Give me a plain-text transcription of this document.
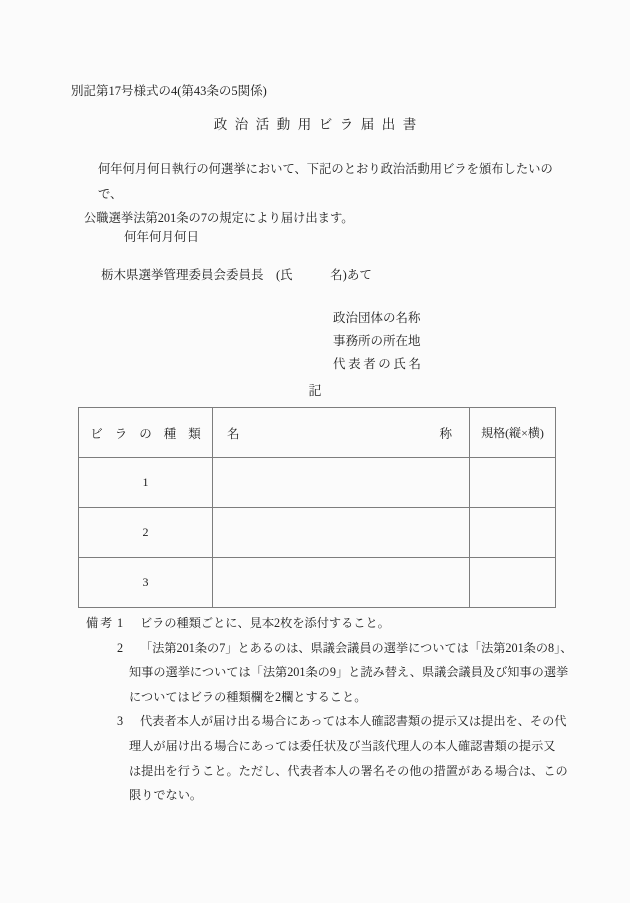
別記第17号様式の4(第43条の5関係)
政治活動用ビラ届出書
何年何月何日執行の何選挙において、下記のとおり政治活動用ビラを頒布したいので、
公職選挙法第201条の7の規定により届け出ます。
何年何月何日
栃木県選挙管理委員会委員長　(氏　　　名)あて
政治団体の名称
事務所の所在地
代表者の氏名
記
ビラの種類	名 称	規格(縦×横)
1		
2		
3		
備考 1 ビラの種類ごとに、見本2枚を添付すること。
2 「法第201条の7」とあるのは、県議会議員の選挙については「法第201条の8」、
知事の選挙については「法第201条の9」と読み替え、県議会議員及び知事の選挙
についてはビラの種類欄を2欄とすること。
3 代表者本人が届け出る場合にあっては本人確認書類の提示又は提出を、その代
理人が届け出る場合にあっては委任状及び当該代理人の本人確認書類の提示又
は提出を行うこと。ただし、代表者本人の署名その他の措置がある場合は、この
限りでない。
